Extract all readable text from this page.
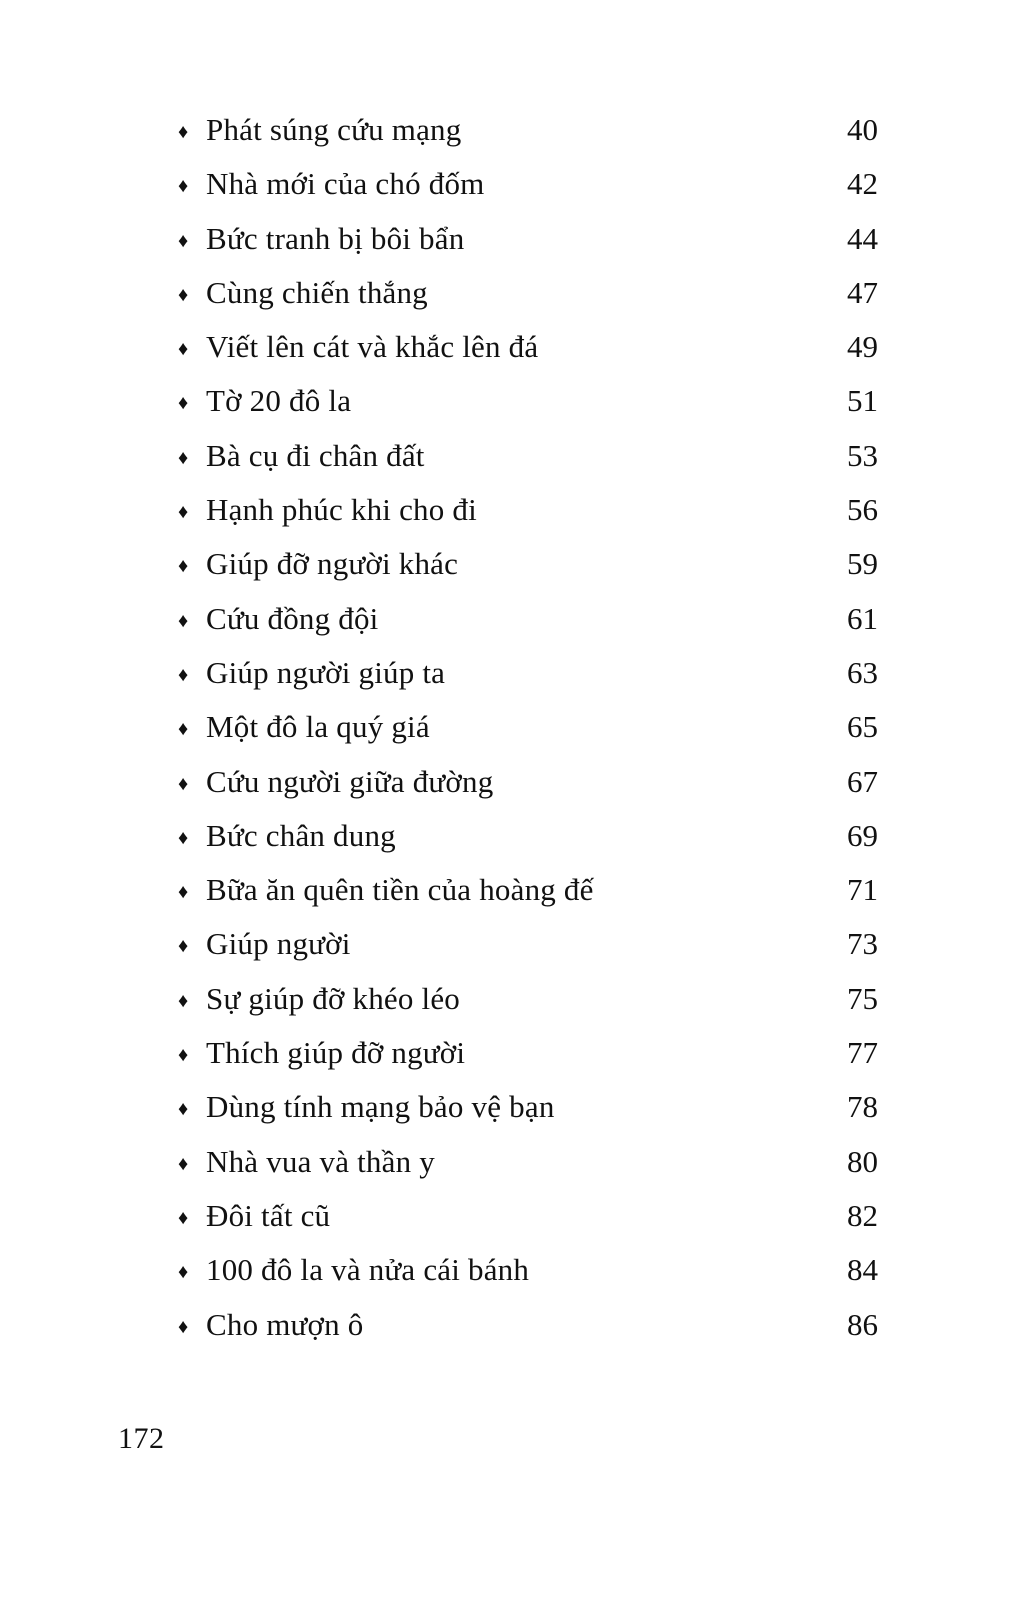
♦ Phát súng cứu mạng	40
♦ Nhà mới của chó đốm	42
♦ Bức tranh bị bôi bẩn	44
♦ Cùng chiến thắng	47
♦ Viết lên cát và khắc lên đá	49
♦ Tờ 20 đô la	51
♦ Bà cụ đi chân đất	53
♦ Hạnh phúc khi cho đi	56
♦ Giúp đỡ người khác	59
♦ Cứu đồng đội	61
♦ Giúp người giúp ta	63
♦ Một đô la quý giá	65
♦ Cứu người giữa đường	67
♦ Bức chân dung	69
♦ Bữa ăn quên tiền của hoàng đế	71
♦ Giúp người	73
♦ Sự giúp đỡ khéo léo	75
♦ Thích giúp đỡ người	77
♦ Dùng tính mạng bảo vệ bạn	78
♦ Nhà vua và thần y	80
♦ Đôi tất cũ	82
♦ 100 đô la và nửa cái bánh	84
♦ Cho mượn ô	86
172
